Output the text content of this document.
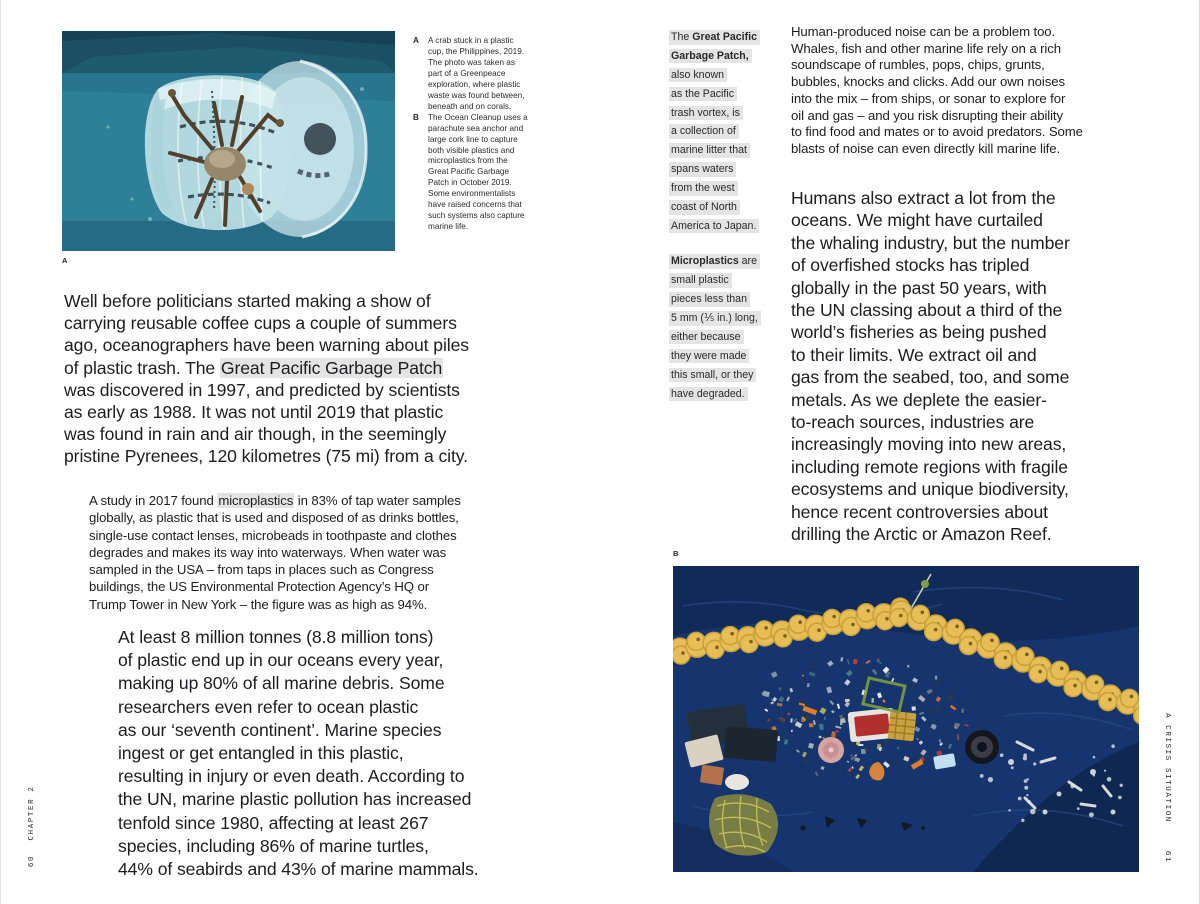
A
A	A crab stuck in a plastic
cup, the Philippines, 2019.
The photo was taken as
part of a Greenpeace
exploration, where plastic
waste was found between,
beneath and on corals.
B	The Ocean Cleanup uses a
parachute sea anchor and
large cork line to capture
both visible plastics and
microplastics from the
Great Pacific Garbage
Patch in October 2019.
Some environmentalists
have raised concerns that
such systems also capture
marine life.
The Great Pacific
Garbage Patch,
also known
as the Pacific
trash vortex, is
a collection of
marine litter that
spans waters
from the west
coast of North
America to Japan.
Microplastics are
small plastic
pieces less than
5 mm (⅕ in.) long,
either because
they were made
this small, or they
have degraded.
Well before politicians started making a show of
carrying reusable coffee cups a couple of summers
ago, oceanographers have been warning about piles
of plastic trash. The Great Pacific Garbage Patch
was discovered in 1997, and predicted by scientists
as early as 1988. It was not until 2019 that plastic
was found in rain and air though, in the seemingly
pristine Pyrenees, 120 kilometres (75 mi) from a city.
A study in 2017 found microplastics in 83% of tap water samples
globally, as plastic that is used and disposed of as drinks bottles,
single-use contact lenses, microbeads in toothpaste and clothes
degrades and makes its way into waterways. When water was
sampled in the USA – from taps in places such as Congress
buildings, the US Environmental Protection Agency’s HQ or
Trump Tower in New York – the figure was as high as 94%.
At least 8 million tonnes (8.8 million tons)
of plastic end up in our oceans every year,
making up 80% of all marine debris. Some
researchers even refer to ocean plastic
as our ‘seventh continent’. Marine species
ingest or get entangled in this plastic,
resulting in injury or even death. According to
the UN, marine plastic pollution has increased
tenfold since 1980, affecting at least 267
species, including 86% of marine turtles,
44% of seabirds and 43% of marine mammals.
Human-produced noise can be a problem too.
Whales, fish and other marine life rely on a rich
soundscape of rumbles, pops, chips, grunts,
bubbles, knocks and clicks. Add our own noises
into the mix – from ships, or sonar to explore for
oil and gas – and you risk disrupting their ability
to find food and mates or to avoid predators. Some
blasts of noise can even directly kill marine life.
Humans also extract a lot from the
oceans. We might have curtailed
the whaling industry, but the number
of overfished stocks has tripled
globally in the past 50 years, with
the UN classing about a third of the
world’s fisheries as being pushed
to their limits. We extract oil and
gas from the seabed, too, and some
metals. As we deplete the easier-
to-reach sources, industries are
increasingly moving into new areas,
including remote regions with fragile
ecosystems and unique biodiversity,
hence recent controversies about
drilling the Arctic or Amazon Reef.
B
CHAPTER 2
60
A CRISIS SITUATION
61
